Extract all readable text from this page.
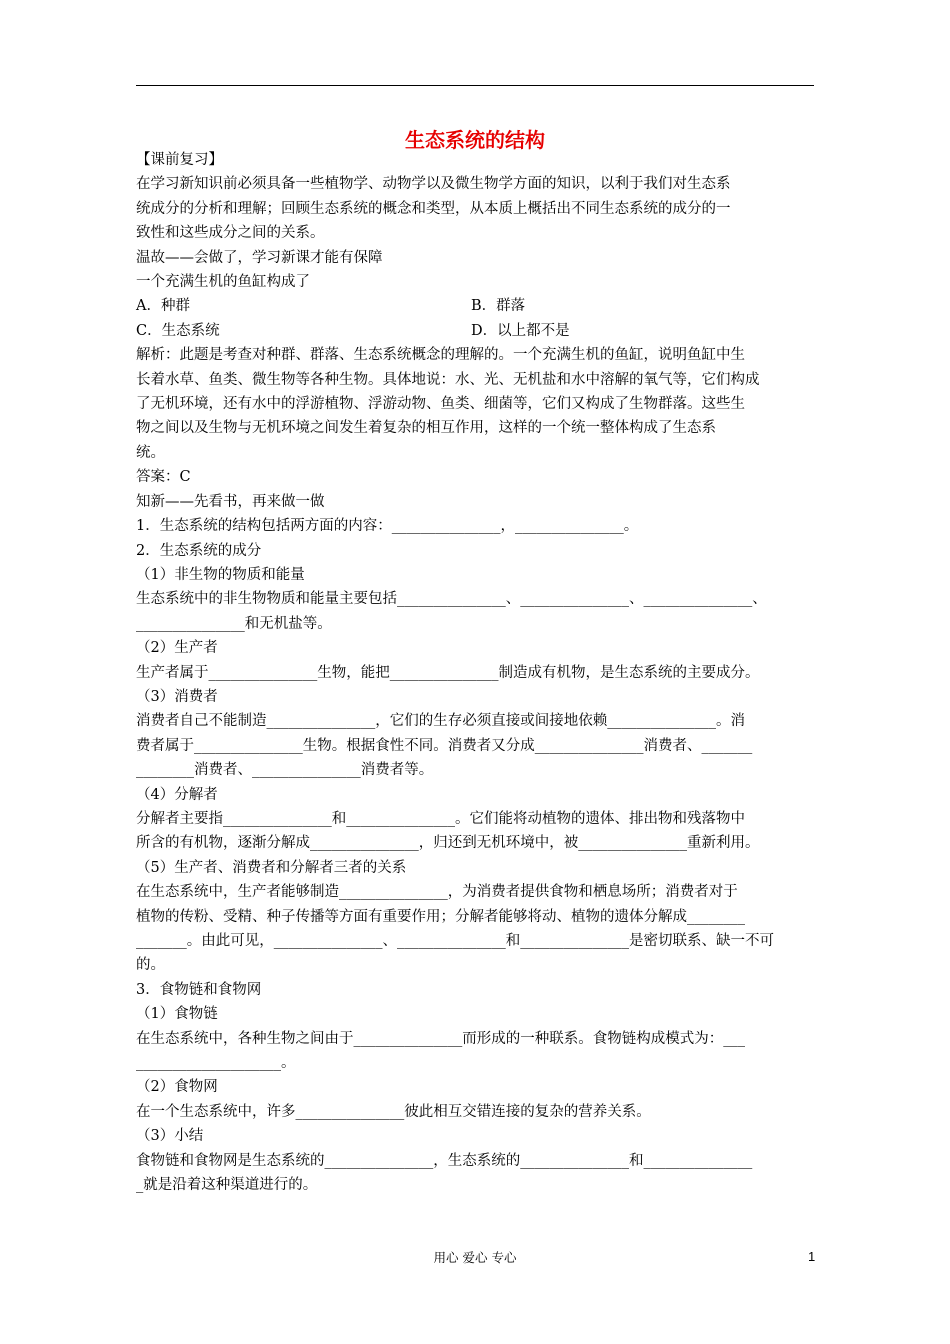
生态系统的结构

【课前复习】

在学习新知识前必须具备一些植物学、动物学以及微生物学方面的知识，以利于我们对生态系

统成分的分析和理解；回顾生态系统的概念和类型，从本质上概括出不同生态系统的成分的一

致性和这些成分之间的关系。

温故——会做了，学习新课才能有保障

一个充满生机的鱼缸构成了

A．种群	B．群落
C．生态系统	D．以上都不是

解析：此题是考查对种群、群落、生态系统概念的理解的。一个充满生机的鱼缸，说明鱼缸中生

长着水草、鱼类、微生物等各种生物。具体地说：水、光、无机盐和水中溶解的氧气等，它们构成

了无机环境，还有水中的浮游植物、浮游动物、鱼类、细菌等，它们又构成了生物群落。这些生

物之间以及生物与无机环境之间发生着复杂的相互作用，这样的一个统一整体构成了生态系

统。

答案：C

知新——先看书，再来做一做

1．生态系统的结构包括两方面的内容：_______________，_______________。

2．生态系统的成分

（1）非生物的物质和能量

生态系统中的非生物物质和能量主要包括_______________、_______________、_______________、

_______________和无机盐等。

（2）生产者

生产者属于_______________生物，能把_______________制造成有机物，是生态系统的主要成分。

（3）消费者

消费者自己不能制造_______________，它们的生存必须直接或间接地依赖_______________。消

费者属于_______________生物。根据食性不同。消费者又分成_______________消费者、_______

________消费者、_______________消费者等。

（4）分解者

分解者主要指_______________和_______________。它们能将动植物的遗体、排出物和残落物中

所含的有机物，逐渐分解成_______________，归还到无机环境中，被_______________重新利用。

（5）生产者、消费者和分解者三者的关系

在生态系统中，生产者能够制造_______________，为消费者提供食物和栖息场所；消费者对于

植物的传粉、受精、种子传播等方面有重要作用；分解者能够将动、植物的遗体分解成________

_______。由此可见，_______________、_______________和_______________是密切联系、缺一不可

的。

3．食物链和食物网

（1）食物链

在生态系统中，各种生物之间由于_______________而形成的一种联系。食物链构成模式为：___

____________________。

（2）食物网

在一个生态系统中，许多_______________彼此相互交错连接的复杂的营养关系。

（3）小结

食物链和食物网是生态系统的_______________，生态系统的_______________和_______________

_就是沿着这种渠道进行的。

用心 爱心 专心	1
